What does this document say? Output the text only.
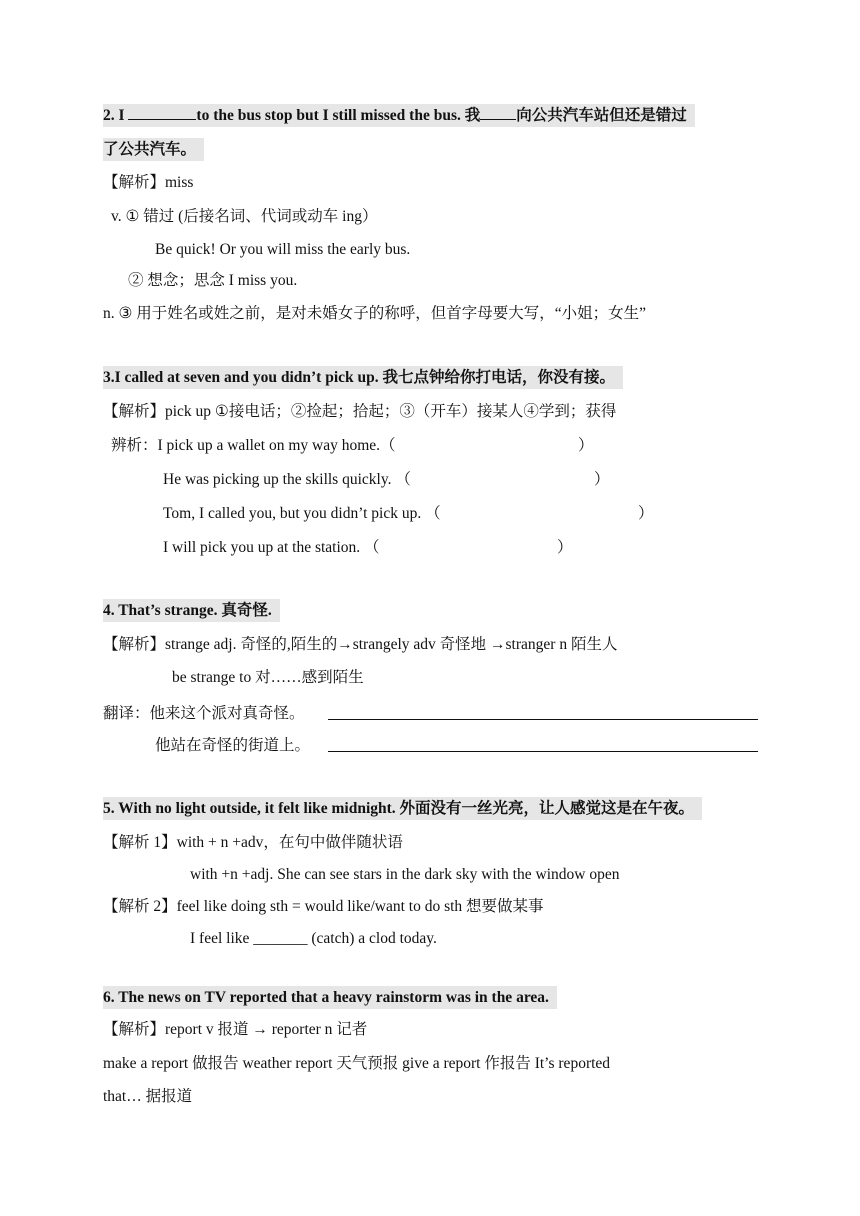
2. I	to the bus stop but I still missed the bus. 我 向公共汽车站但还是错过
了公共汽车。
【解析】miss
v. ① 错过 (后接名词、代词或动车 ing）
Be quick! Or you will miss the early bus.
② 想念；思念 I miss you.
n. ③ 用于姓名或姓之前，是对未婚女子的称呼，但首字母要大写，“小姐；女生”
3.I called at seven and you didn’t pick up. 我七点钟给你打电话，你没有接。
【解析】pick up ①接电话；②捡起；拾起；③（开车）接某人④学到；获得
辨析：I pick up a wallet on my way home.（	）
He was picking up the skills quickly. （	）
Tom, I called you, but you didn’t pick up. （	）
I will pick you up at the station. （	）
4. That’s strange. 真奇怪.
【解析】strange adj. 奇怪的,陌生的→strangely adv 奇怪地 →stranger n 陌生人
be strange to 对……感到陌生
翻译：他来这个派对真奇怪。
他站在奇怪的街道上。
5. With no light outside, it felt like midnight. 外面没有一丝光亮，让人感觉这是在午夜。
【解析 1】with + n +adv，在句中做伴随状语
with +n +adj. She can see stars in the dark sky with the window open
【解析 2】feel like doing sth = would like/want to do sth 想要做某事
I feel like _______ (catch) a clod today.
6. The news on TV reported that a heavy rainstorm was in the area.
【解析】report v 报道 → reporter n 记者
make a report 做报告 weather report 天气预报 give a report 作报告 It’s reported
that… 据报道
